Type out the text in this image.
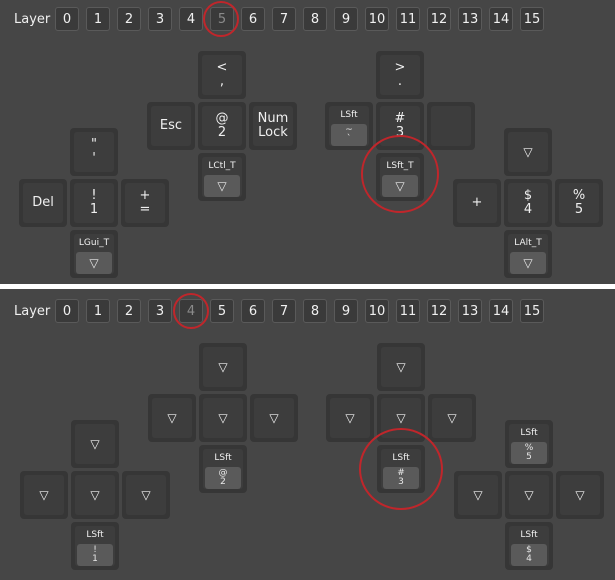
Layer 0	1	2	3	4	5	6	7	8	9	10 11 12 13 14 15
<
,
Esc	@
2
Num
Lock
LCtl_T
▽
"
'
Del	!
1
+
=
LGui_T
▽
>
.
LSft
~
`
#
3
LSft_T
▽
▽
+	$
4
%
5
LAlt_T
▽
Layer 0	1	2	3	4	5	6	7	8	9	10 11 12 13 14 15
▽
▽	▽	▽
LSft
@
2
▽
▽	▽	▽
LSft
!
1
▽
▽	▽	▽
LSft
#
3
LSft
%
5
▽	▽	▽
LSft
$
4
